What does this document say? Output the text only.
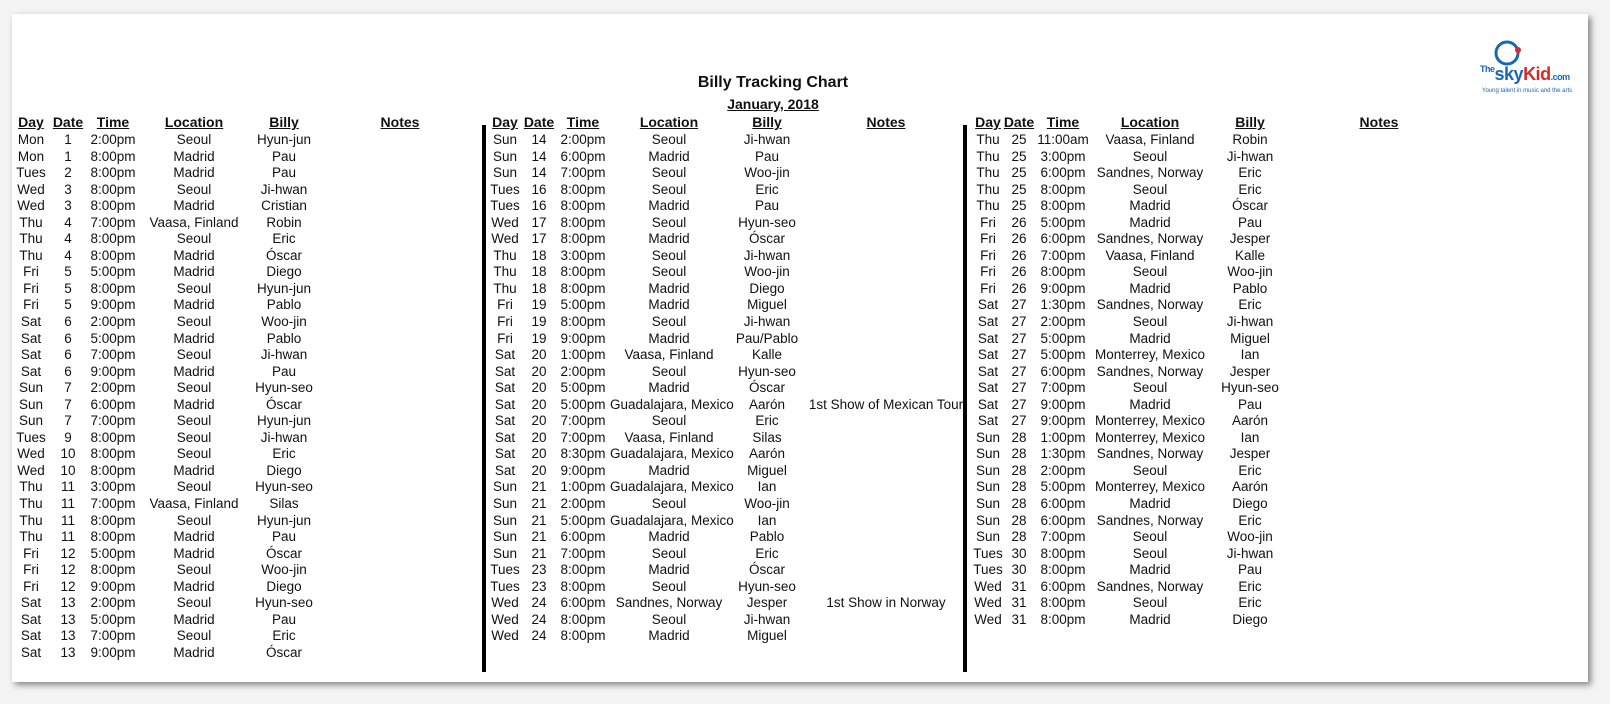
Billy Tracking Chart
January, 2018
$^{The}$skyKid.com
Young talent in music and the arts
Day Date Time	Location	Billy	Notes
Mon	1	2:00pm	Seoul	Hyun-jun
Mon	1	8:00pm	Madrid	Pau
Tues	2	8:00pm	Madrid	Pau
Wed	3	8:00pm	Seoul	Ji-hwan
Wed	3	8:00pm	Madrid	Cristian
Thu	4	7:00pm	Vaasa, Finland	Robin
Thu	4	8:00pm	Seoul	Eric
Thu	4	8:00pm	Madrid	Óscar
Fri	5	5:00pm	Madrid	Diego
Fri	5	8:00pm	Seoul	Hyun-jun
Fri	5	9:00pm	Madrid	Pablo
Sat	6	2:00pm	Seoul	Woo-jin
Sat	6	5:00pm	Madrid	Pablo
Sat	6	7:00pm	Seoul	Ji-hwan
Sat	6	9:00pm	Madrid	Pau
Sun	7	2:00pm	Seoul	Hyun-seo
Sun	7	6:00pm	Madrid	Óscar
Sun	7	7:00pm	Seoul	Hyun-jun
Tues	9	8:00pm	Seoul	Ji-hwan
Wed	10	8:00pm	Seoul	Eric
Wed	10	8:00pm	Madrid	Diego
Thu	11	3:00pm	Seoul	Hyun-seo
Thu	11	7:00pm	Vaasa, Finland	Silas
Thu	11	8:00pm	Seoul	Hyun-jun
Thu	11	8:00pm	Madrid	Pau
Fri	12	5:00pm	Madrid	Óscar
Fri	12	8:00pm	Seoul	Woo-jin
Fri	12	9:00pm	Madrid	Diego
Sat	13	2:00pm	Seoul	Hyun-seo
Sat	13	5:00pm	Madrid	Pau
Sat	13	7:00pm	Seoul	Eric
Sat	13	9:00pm	Madrid	Óscar
Day Date Time	Location	Billy	Notes
Sun	14	2:00pm	Seoul	Ji-hwan
Sun	14	6:00pm	Madrid	Pau
Sun	14	7:00pm	Seoul	Woo-jin
Tues 16	8:00pm	Seoul	Eric
Tues 16	8:00pm	Madrid	Pau
Wed 17	8:00pm	Seoul	Hyun-seo
Wed 17	8:00pm	Madrid	Óscar
Thu	18	3:00pm	Seoul	Ji-hwan
Thu	18	8:00pm	Seoul	Woo-jin
Thu	18	8:00pm	Madrid	Diego
Fri	19	5:00pm	Madrid	Miguel
Fri	19	8:00pm	Seoul	Ji-hwan
Fri	19	9:00pm	Madrid	Pau/Pablo
Sat	20	1:00pm	Vaasa, Finland	Kalle
Sat	20	2:00pm	Seoul	Hyun-seo
Sat	20	5:00pm	Madrid	Óscar
Sat	20	5:00pm Guadalajara, Mexico	Aarón	1st Show of Mexican Tour
Sat	20	7:00pm	Seoul	Eric
Sat	20	7:00pm	Vaasa, Finland	Silas
Sat	20	8:30pm Guadalajara, Mexico	Aarón
Sat	20	9:00pm	Madrid	Miguel
Sun	21	1:00pm Guadalajara, Mexico	Ian
Sun	21	2:00pm	Seoul	Woo-jin
Sun	21	5:00pm Guadalajara, Mexico	Ian
Sun	21	6:00pm	Madrid	Pablo
Sun	21	7:00pm	Seoul	Eric
Tues 23	8:00pm	Madrid	Óscar
Tues 23	8:00pm	Seoul	Hyun-seo
Wed 24	6:00pm Sandnes, Norway	Jesper	1st Show in Norway
Wed 24	8:00pm	Seoul	Ji-hwan
Wed 24	8:00pm	Madrid	Miguel
Day Date Time	Location	Billy	Notes
Thu 25 11:00am	Vaasa, Finland	Robin
Thu 25	3:00pm	Seoul	Ji-hwan
Thu 25	6:00pm Sandnes, Norway	Eric
Thu 25	8:00pm	Seoul	Eric
Thu 25	8:00pm	Madrid	Óscar
Fri	26	5:00pm	Madrid	Pau
Fri	26	6:00pm Sandnes, Norway	Jesper
Fri	26	7:00pm	Vaasa, Finland	Kalle
Fri	26	8:00pm	Seoul	Woo-jin
Fri	26	9:00pm	Madrid	Pablo
Sat 27	1:30pm Sandnes, Norway	Eric
Sat 27	2:00pm	Seoul	Ji-hwan
Sat 27	5:00pm	Madrid	Miguel
Sat 27	5:00pm Monterrey, Mexico	Ian
Sat 27	6:00pm Sandnes, Norway	Jesper
Sat 27	7:00pm	Seoul	Hyun-seo
Sat 27	9:00pm	Madrid	Pau
Sat 27	9:00pm Monterrey, Mexico	Aarón
Sun 28	1:00pm Monterrey, Mexico	Ian
Sun 28	1:30pm Sandnes, Norway	Jesper
Sun 28	2:00pm	Seoul	Eric
Sun 28	5:00pm Monterrey, Mexico	Aarón
Sun 28	6:00pm	Madrid	Diego
Sun 28	6:00pm Sandnes, Norway	Eric
Sun 28	7:00pm	Seoul	Woo-jin
Tues 30	8:00pm	Seoul	Ji-hwan
Tues 30	8:00pm	Madrid	Pau
Wed 31	6:00pm Sandnes, Norway	Eric
Wed 31	8:00pm	Seoul	Eric
Wed 31	8:00pm	Madrid	Diego
